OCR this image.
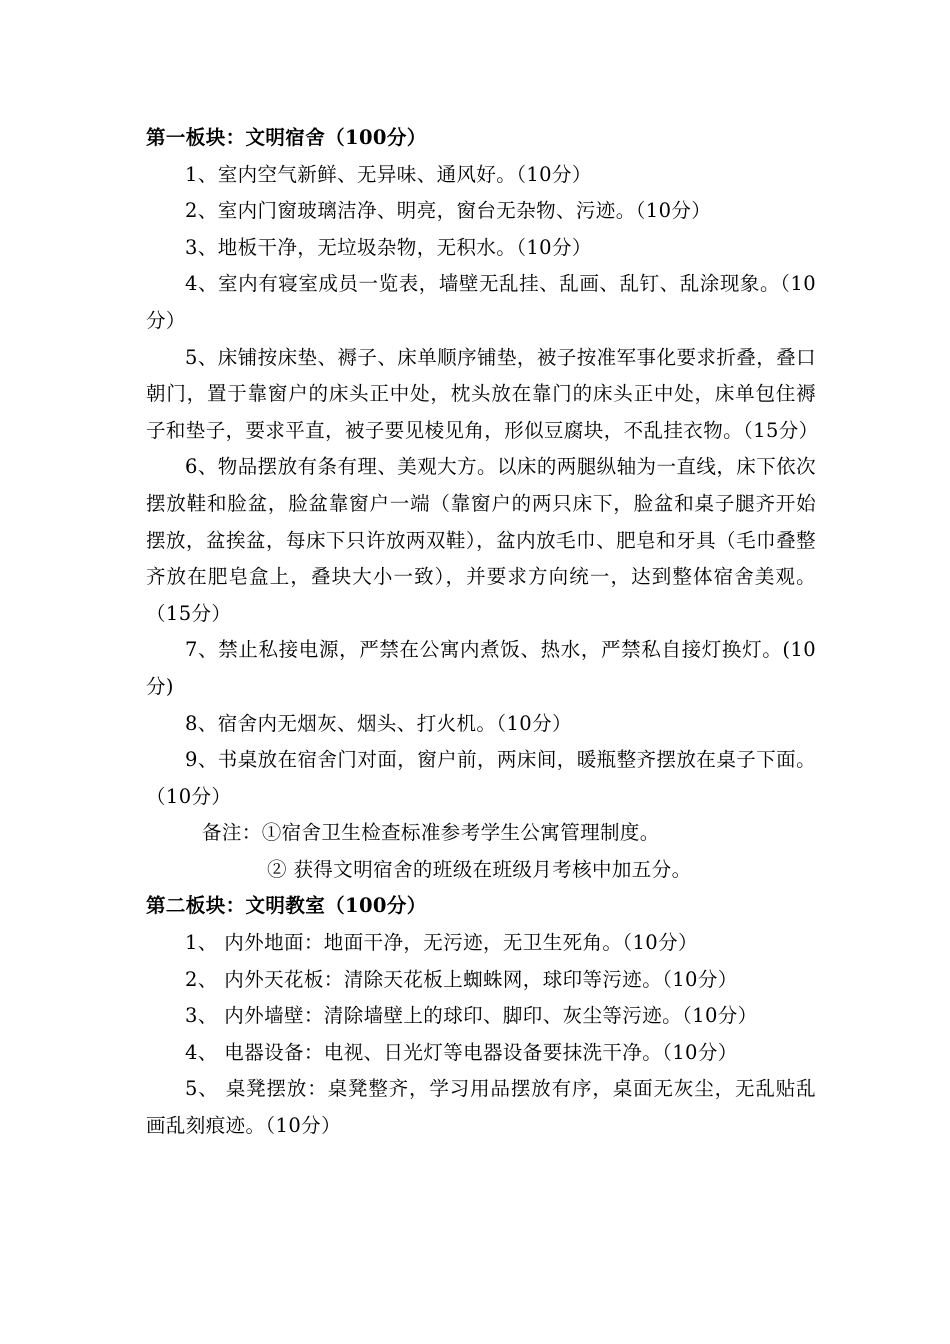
第一板块：文明宿舍（100分）

1、室内空气新鲜、无异味、通风好。（10分）

2、室内门窗玻璃洁净、明亮，窗台无杂物、污迹。（10分）

3、地板干净，无垃圾杂物，无积水。（10分）

4、室内有寝室成员一览表，墙壁无乱挂、乱画、乱钉、乱涂现象。（10分）

5、床铺按床垫、褥子、床单顺序铺垫，被子按准军事化要求折叠，叠口朝门，置于靠窗户的床头正中处，枕头放在靠门的床头正中处，床单包住褥子和垫子，要求平直，被子要见棱见角，形似豆腐块，不乱挂衣物。（15分）

6、物品摆放有条有理、美观大方。以床的两腿纵轴为一直线，床下依次摆放鞋和脸盆，脸盆靠窗户一端（靠窗户的两只床下，脸盆和桌子腿齐开始摆放，盆挨盆，每床下只许放两双鞋），盆内放毛巾、肥皂和牙具（毛巾叠整齐放在肥皂盒上，叠块大小一致），并要求方向统一，达到整体宿舍美观。（15分）

7、禁止私接电源，严禁在公寓内煮饭、热水，严禁私自接灯换灯。(10分)

8、宿舍内无烟灰、烟头、打火机。（10分）

9、书桌放在宿舍门对面，窗户前，两床间，暖瓶整齐摆放在桌子下面。（10分）

备注：①宿舍卫生检查标准参考学生公寓管理制度。

② 获得文明宿舍的班级在班级月考核中加五分。

第二板块：文明教室（100分）

1、 内外地面：地面干净，无污迹，无卫生死角。（10分）

2、 内外天花板：清除天花板上蜘蛛网，球印等污迹。（10分）

3、 内外墙壁：清除墙壁上的球印、脚印、灰尘等污迹。（10分）

4、 电器设备：电视、日光灯等电器设备要抹洗干净。（10分）

5、 桌凳摆放：桌凳整齐，学习用品摆放有序，桌面无灰尘，无乱贴乱画乱刻痕迹。（10分）
